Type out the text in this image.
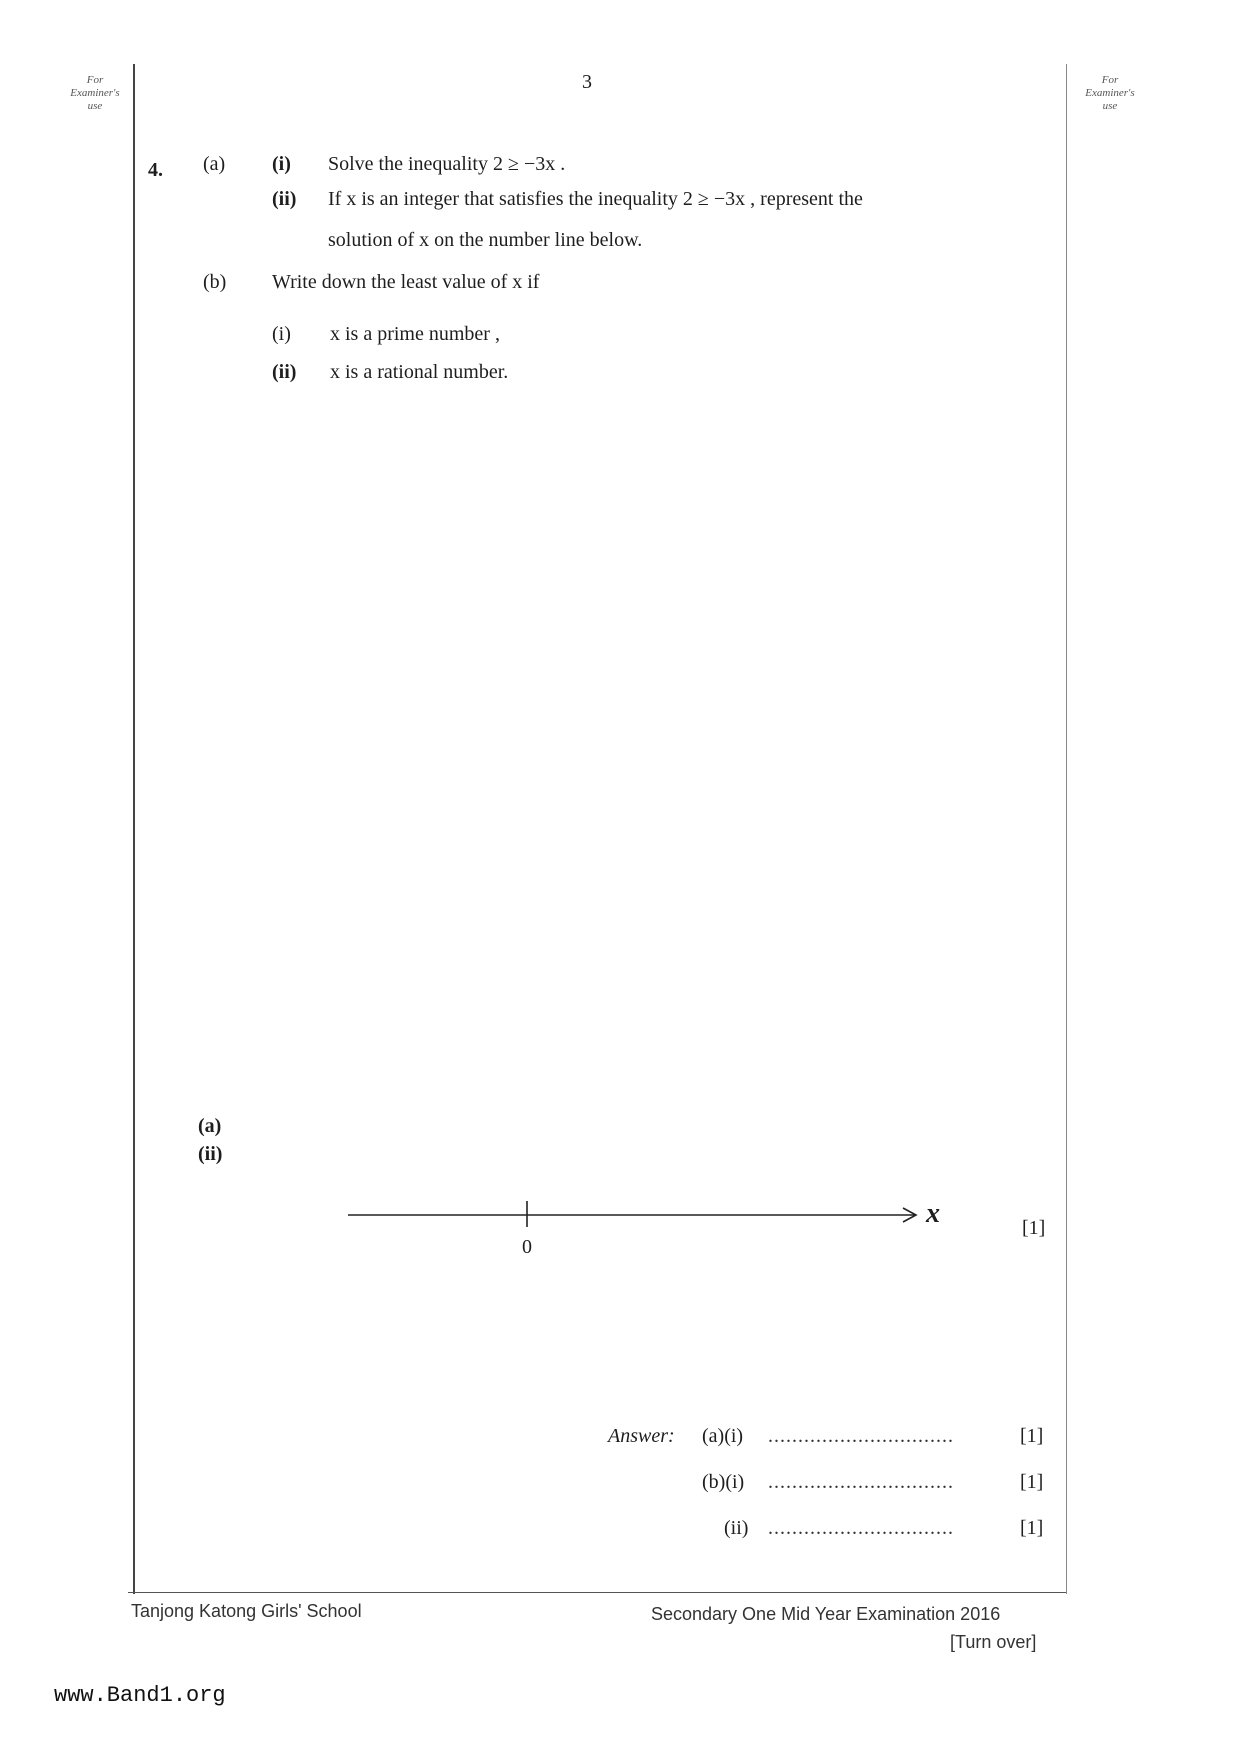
For
Examiner's
use
For
Examiner's
use
3
4. (a) (i) Solve the inequality 2 ≥ −3x .
(ii) If x is an integer that satisfies the inequality 2 ≥ −3x , represent the
solution of x on the number line below.
(b) Write down the least value of x if
(i) x is a prime number ,
(ii) x is a rational number.
(a)
(ii)
0
x	[1]
Answer: (a)(i) ...............................	[1]
(b)(i) ...............................	[1]
(ii) ...............................	[1]
Tanjong Katong Girls' School	Secondary One Mid Year Examination 2016
[Turn over]
www.Band1.org
